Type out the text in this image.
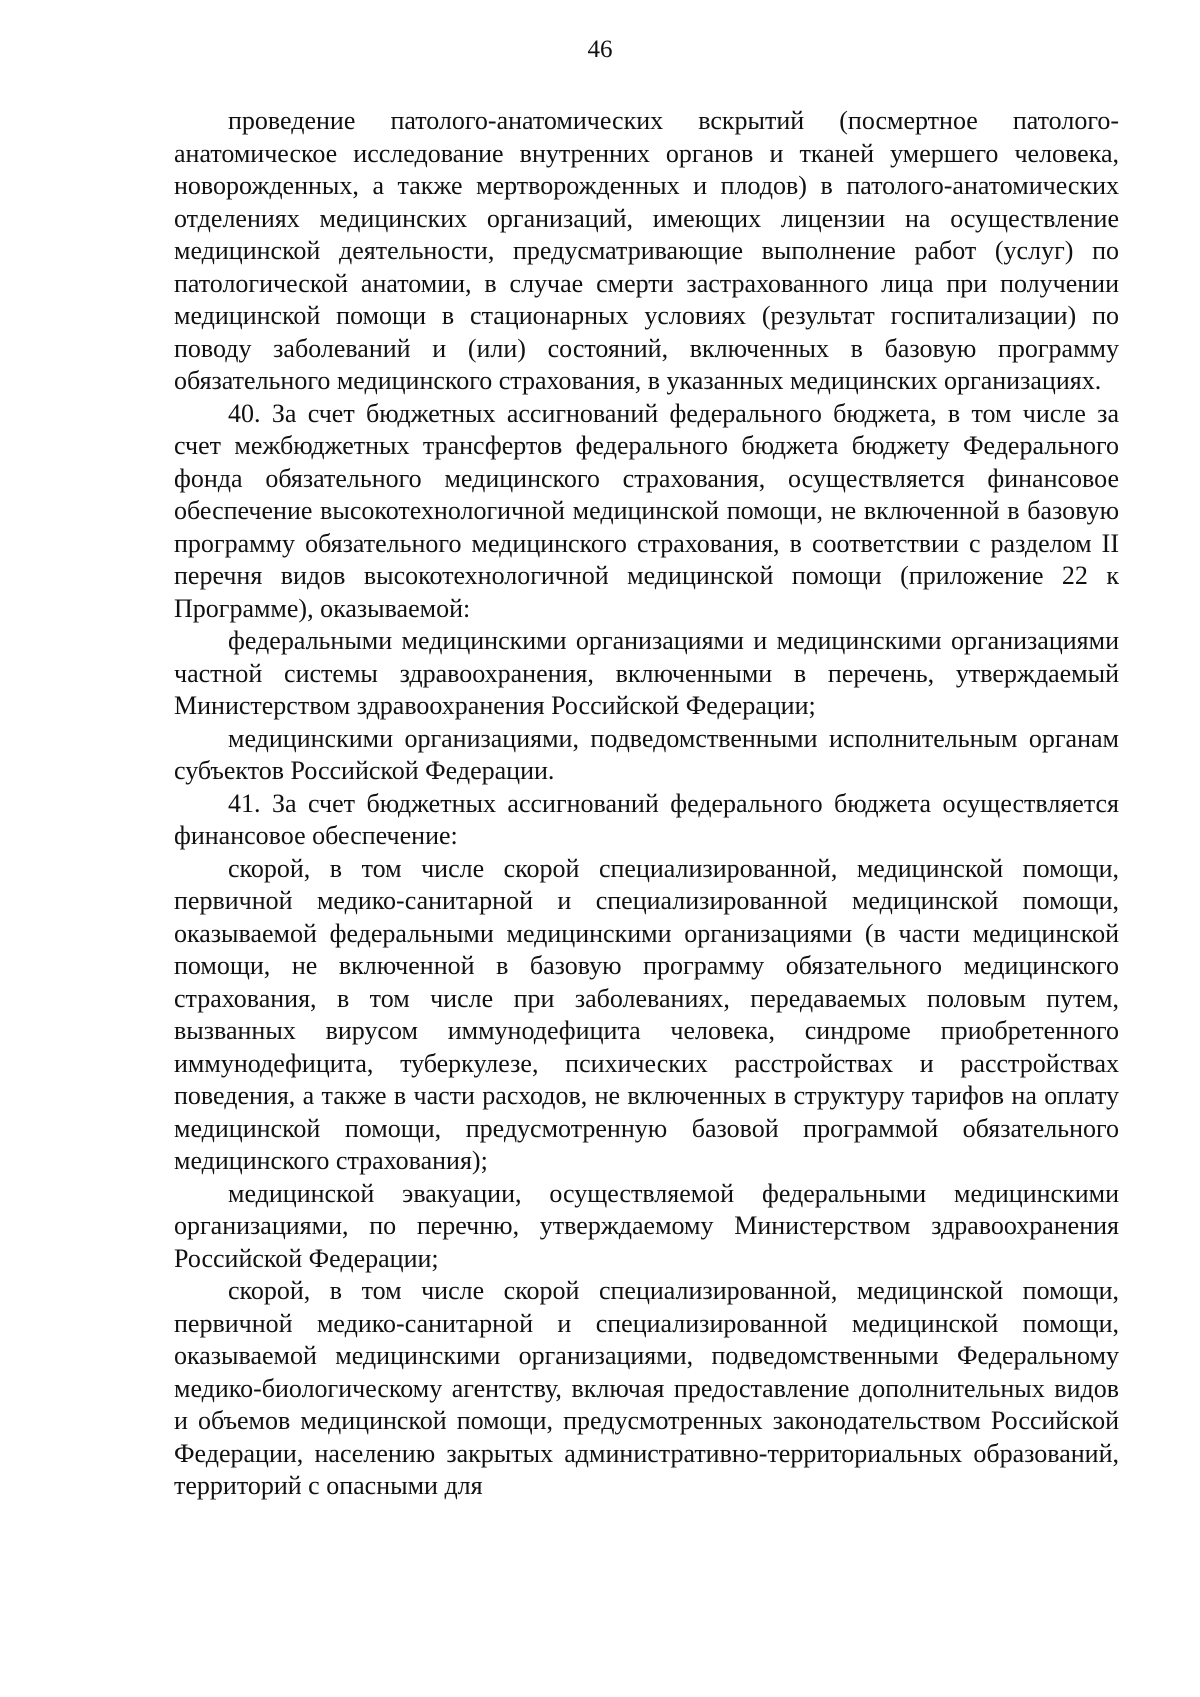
46

проведение патолого-анатомических вскрытий (посмертное патолого-анатомическое исследование внутренних органов и тканей умершего человека, новорожденных, а также мертворожденных и плодов) в патолого-анатомических отделениях медицинских организаций, имеющих лицензии на осуществление медицинской деятельности, предусматривающие выполнение работ (услуг) по патологической анатомии, в случае смерти застрахованного лица при получении медицинской помощи в стационарных условиях (результат госпитализации) по поводу заболеваний и (или) состояний, включенных в базовую программу обязательного медицинского страхования, в указанных медицинских организациях.

40. За счет бюджетных ассигнований федерального бюджета, в том числе за счет межбюджетных трансфертов федерального бюджета бюджету Федерального фонда обязательного медицинского страхования, осуществляется финансовое обеспечение высокотехнологичной медицинской помощи, не включенной в базовую программу обязательного медицинского страхования, в соответствии с разделом II перечня видов высокотехнологичной медицинской помощи (приложение 22 к Программе), оказываемой:

федеральными медицинскими организациями и медицинскими организациями частной системы здравоохранения, включенными в перечень, утверждаемый Министерством здравоохранения Российской Федерации;

медицинскими организациями, подведомственными исполнительным органам субъектов Российской Федерации.

41. За счет бюджетных ассигнований федерального бюджета осуществляется финансовое обеспечение:

скорой, в том числе скорой специализированной, медицинской помощи, первичной медико-санитарной и специализированной медицинской помощи, оказываемой федеральными медицинскими организациями (в части медицинской помощи, не включенной в базовую программу обязательного медицинского страхования, в том числе при заболеваниях, передаваемых половым путем, вызванных вирусом иммунодефицита человека, синдроме приобретенного иммунодефицита, туберкулезе, психических расстройствах и расстройствах поведения, а также в части расходов, не включенных в структуру тарифов на оплату медицинской помощи, предусмотренную базовой программой обязательного медицинского страхования);

медицинской эвакуации, осуществляемой федеральными медицинскими организациями, по перечню, утверждаемому Министерством здравоохранения Российской Федерации;

скорой, в том числе скорой специализированной, медицинской помощи, первичной медико-санитарной и специализированной медицинской помощи, оказываемой медицинскими организациями, подведомственными Федеральному медико-биологическому агентству, включая предоставление дополнительных видов и объемов медицинской помощи, предусмотренных законодательством Российской Федерации, населению закрытых административно-территориальных образований, территорий с опасными для
